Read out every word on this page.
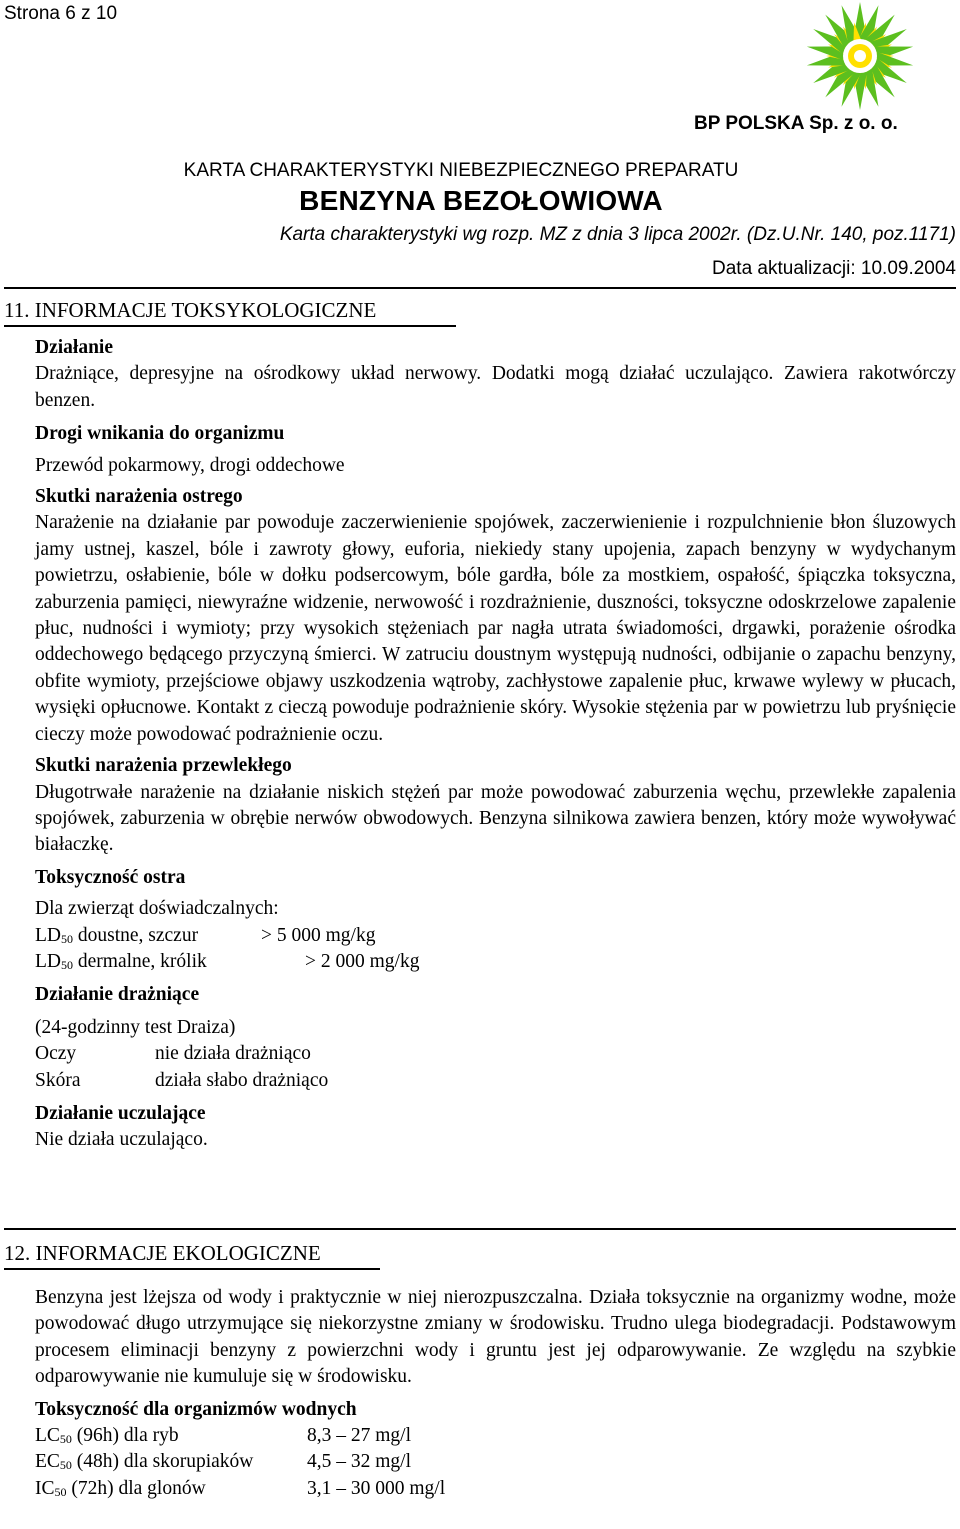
Strona 6 z 10
BP POLSKA Sp. z o. o.
KARTA CHARAKTERYSTYKI NIEBEZPIECZNEGO PREPARATU
BENZYNA BEZOŁOWIOWA
Karta charakterystyki wg rozp. MZ z dnia 3 lipca 2002r. (Dz.U.Nr. 140, poz.1171)
Data aktualizacji: 10.09.2004
11. INFORMACJE TOKSYKOLOGICZNE

Działanie

Drażniące, depresyjne na ośrodkowy układ nerwowy. Dodatki mogą działać uczulająco. Zawiera rakotwórczy benzen.

Drogi wnikania do organizmu

Przewód pokarmowy, drogi oddechowe

Skutki narażenia ostrego

Narażenie na działanie par powoduje zaczerwienienie spojówek, zaczerwienienie i rozpulchnienie błon śluzowych jamy ustnej, kaszel, bóle i zawroty głowy, euforia, niekiedy stany upojenia, zapach benzyny w wydychanym powietrzu, osłabienie, bóle w dołku podsercowym, bóle gardła, bóle za mostkiem, ospałość, śpiączka toksyczna, zaburzenia pamięci, niewyraźne widzenie, nerwowość i rozdrażnienie, duszności, toksyczne odoskrzelowe zapalenie płuc, nudności i wymioty; przy wysokich stężeniach par nagła utrata świadomości, drgawki, porażenie ośrodka oddechowego będącego przyczyną śmierci. W zatruciu doustnym występują nudności, odbijanie o zapachu benzyny, obfite wymioty, przejściowe objawy uszkodzenia wątroby, zachłystowe zapalenie płuc, krwawe wylewy w płucach, wysięki opłucnowe. Kontakt z cieczą powoduje podrażnienie skóry. Wysokie stężenia par w powietrzu lub pryśnięcie cieczy może powodować podrażnienie oczu.

Skutki narażenia przewlekłego

Długotrwałe narażenie na działanie niskich stężeń par może powodować zaburzenia węchu, przewlekłe zapalenia spojówek, zaburzenia w obrębie nerwów obwodowych. Benzyna silnikowa zawiera benzen, który może wywoływać białaczkę.

Toksyczność ostra

Dla zwierząt doświadczalnych:

$LD_{50}$ doustne, szczur	> 5 000 mg/kg
$LD_{50}$ dermalne, królik	> 2 000 mg/kg

Działanie drażniące

(24-godzinny test Draiza)

Oczy	nie działa drażniąco
Skóra	działa słabo drażniąco

Działanie uczulające

Nie działa uczulająco.

12. INFORMACJE EKOLOGICZNE

Benzyna jest lżejsza od wody i praktycznie w niej nierozpuszczalna. Działa toksycznie na organizmy wodne, może powodować długo utrzymujące się niekorzystne zmiany w środowisku. Trudno ulega biodegradacji. Podstawowym procesem eliminacji benzyny z powierzchni wody i gruntu jest jej odparowywanie. Ze względu na szybkie odparowywanie nie kumuluje się w środowisku.

Toksyczność dla organizmów wodnych

$LC_{50}$ (96h) dla ryb	8,3 – 27 mg/l
$EC_{50}$ (48h) dla skorupiaków	4,5 – 32 mg/l
$IC_{50}$ (72h) dla glonów	3,1 – 30 000 mg/l
